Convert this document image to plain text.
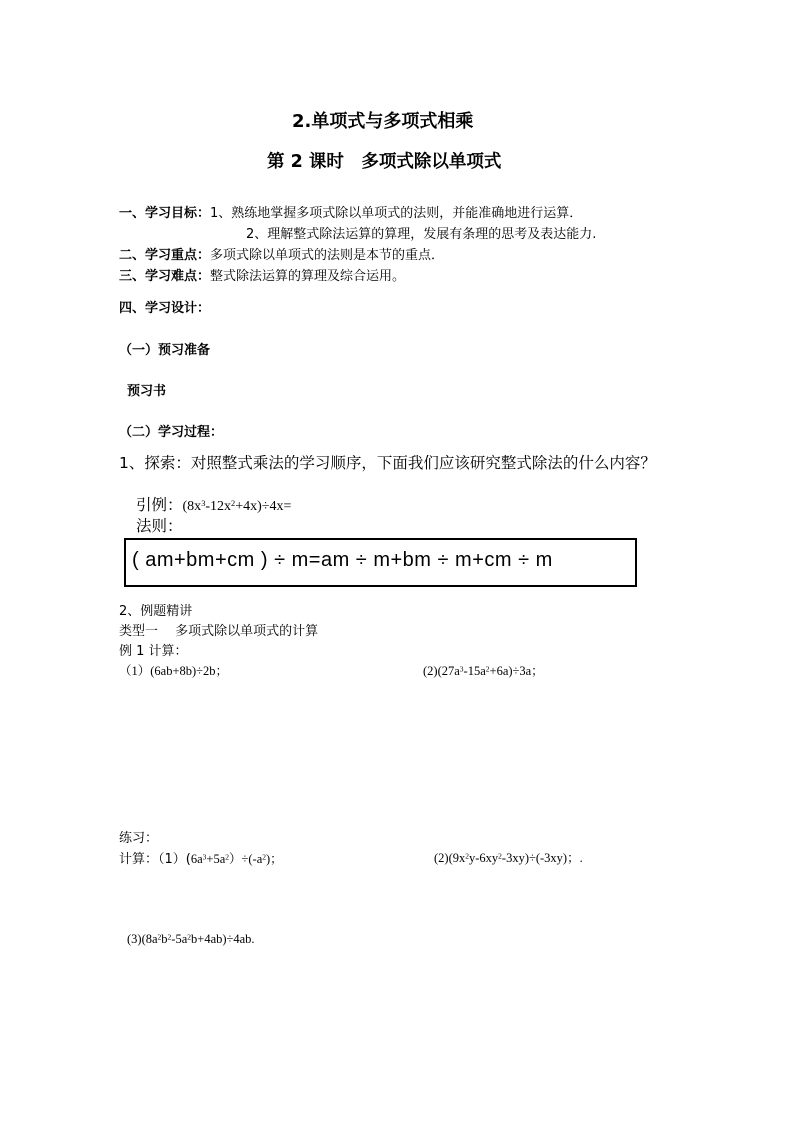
2.单项式与多项式相乘
第 2 课时　多项式除以单项式
一、学习目标：1、熟练地掌握多项式除以单项式的法则，并能准确地进行运算．
2、理解整式除法运算的算理，发展有条理的思考及表达能力.
二、学习重点：多项式除以单项式的法则是本节的重点．
三、学习难点：整式除法运算的算理及综合运用。
四、学习设计：
（一）预习准备
预习书
（二）学习过程：
1、探索：对照整式乘法的学习顺序，下面我们应该研究整式除法的什么内容？
引例：$(8x^3-12x^2+4x)\div 4x=$
法则：
( am+bm+cm ) ÷ m=am ÷ m+bm ÷ m+cm ÷ m
2、例题精讲
类型一　 多项式除以单项式的计算
例 1 计算：
（1）(6ab+8b)÷2b；	$(2)(27a^3-15a^2+6a)\div 3a$；
练习：
计算：$(1)(6a^3+5a^2)\div(-a^2)$；	$(2)(9x^2y-6xy^2-3xy)\div(-3xy)$；.
$(3)(8a^2b^2-5a^2b+4ab)\div 4ab$.
